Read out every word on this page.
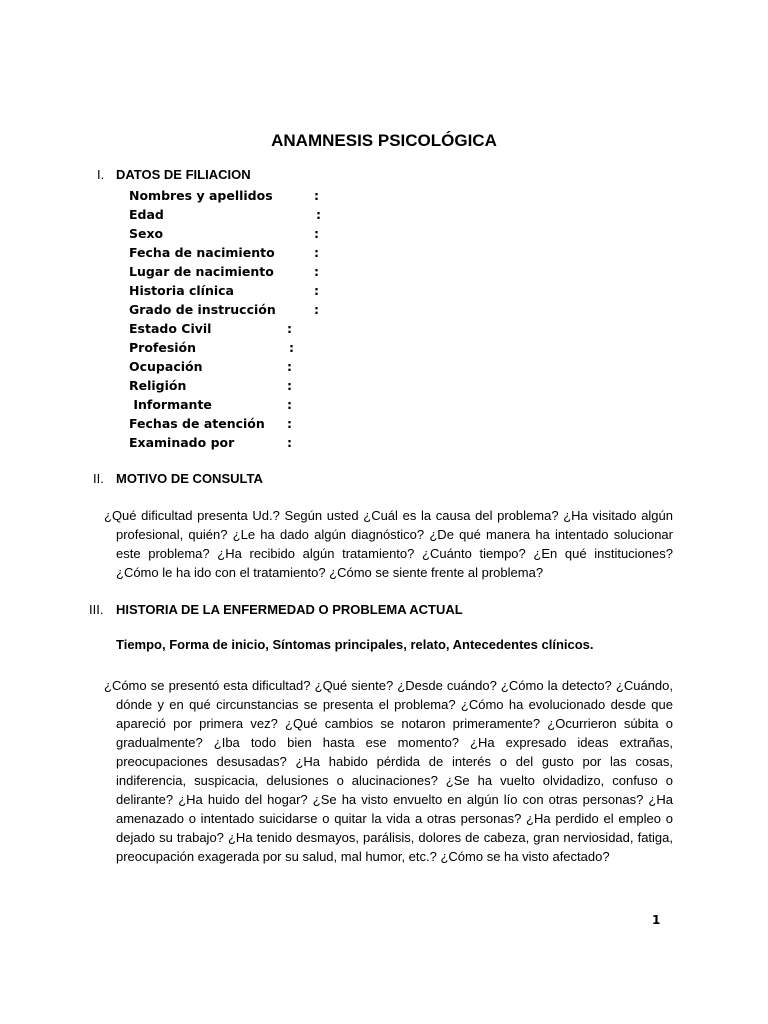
ANAMNESIS PSICOLÓGICA
I. DATOS DE FILIACION
Nombres y apellidos	:
Edad	:
Sexo	:
Fecha de nacimiento	:
Lugar de nacimiento	:
Historia clínica	:
Grado de instrucción	:
Estado Civil	:
Profesión	:
Ocupación	:
Religión	:
Informante	:
Fechas de atención :
Examinado por	:
II. MOTIVO DE CONSULTA
¿Qué dificultad presenta Ud.? Según usted ¿Cuál es la causa del problema? ¿Ha visitado algún profesional, quién? ¿Le ha dado algún diagnóstico? ¿De qué manera ha intentado solucionar este problema? ¿Ha recibido algún tratamiento? ¿Cuánto tiempo? ¿En qué instituciones? ¿Cómo le ha ido con el tratamiento? ¿Cómo se siente frente al problema?
III. HISTORIA DE LA ENFERMEDAD O PROBLEMA ACTUAL
Tiempo, Forma de inicio, Síntomas principales, relato, Antecedentes clínicos.
¿Cómo se presentó esta dificultad? ¿Qué siente? ¿Desde cuándo? ¿Cómo la detecto? ¿Cuándo, dónde y en qué circunstancias se presenta el problema? ¿Cómo ha evolucionado desde que apareció por primera vez? ¿Qué cambios se notaron primeramente? ¿Ocurrieron súbita o gradualmente? ¿Iba todo bien hasta ese momento? ¿Ha expresado ideas extrañas, preocupaciones desusadas? ¿Ha habido pérdida de interés o del gusto por las cosas, indiferencia, suspicacia, delusiones o alucinaciones? ¿Se ha vuelto olvidadizo, confuso o delirante? ¿Ha huido del hogar? ¿Se ha visto envuelto en algún lío con otras personas? ¿Ha amenazado o intentado suicidarse o quitar la vida a otras personas? ¿Ha perdido el empleo o dejado su trabajo? ¿Ha tenido desmayos, parálisis, dolores de cabeza, gran nerviosidad, fatiga, preocupación exagerada por su salud, mal humor, etc.? ¿Cómo se ha visto afectado?
1
